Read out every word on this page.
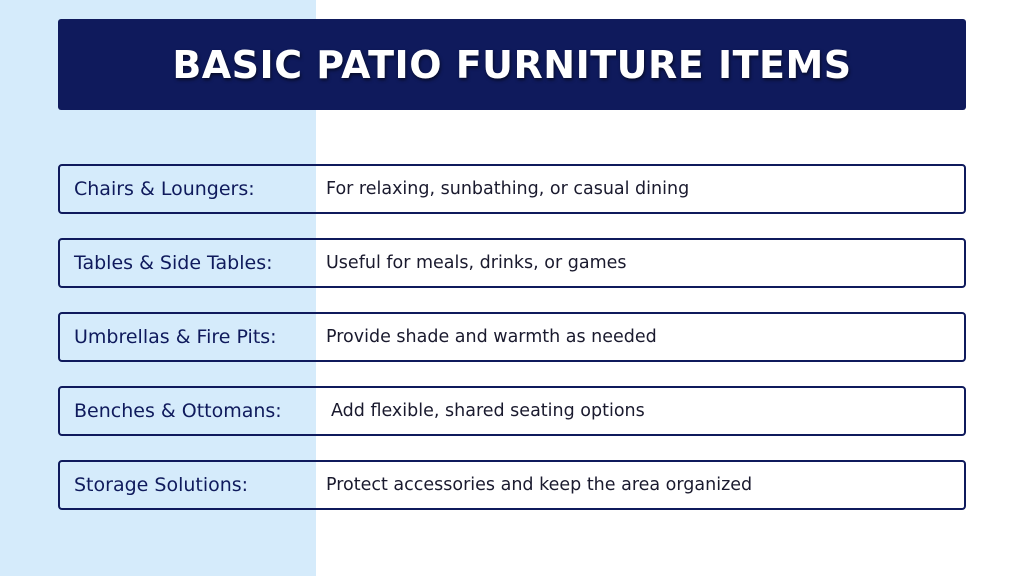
BASIC PATIO FURNITURE ITEMS
Chairs & Loungers:	For relaxing, sunbathing, or casual dining
Tables & Side Tables:	Useful for meals, drinks, or games
Umbrellas & Fire Pits:	Provide shade and warmth as needed
Benches & Ottomans:	Add flexible, shared seating options
Storage Solutions:	Protect accessories and keep the area organized
